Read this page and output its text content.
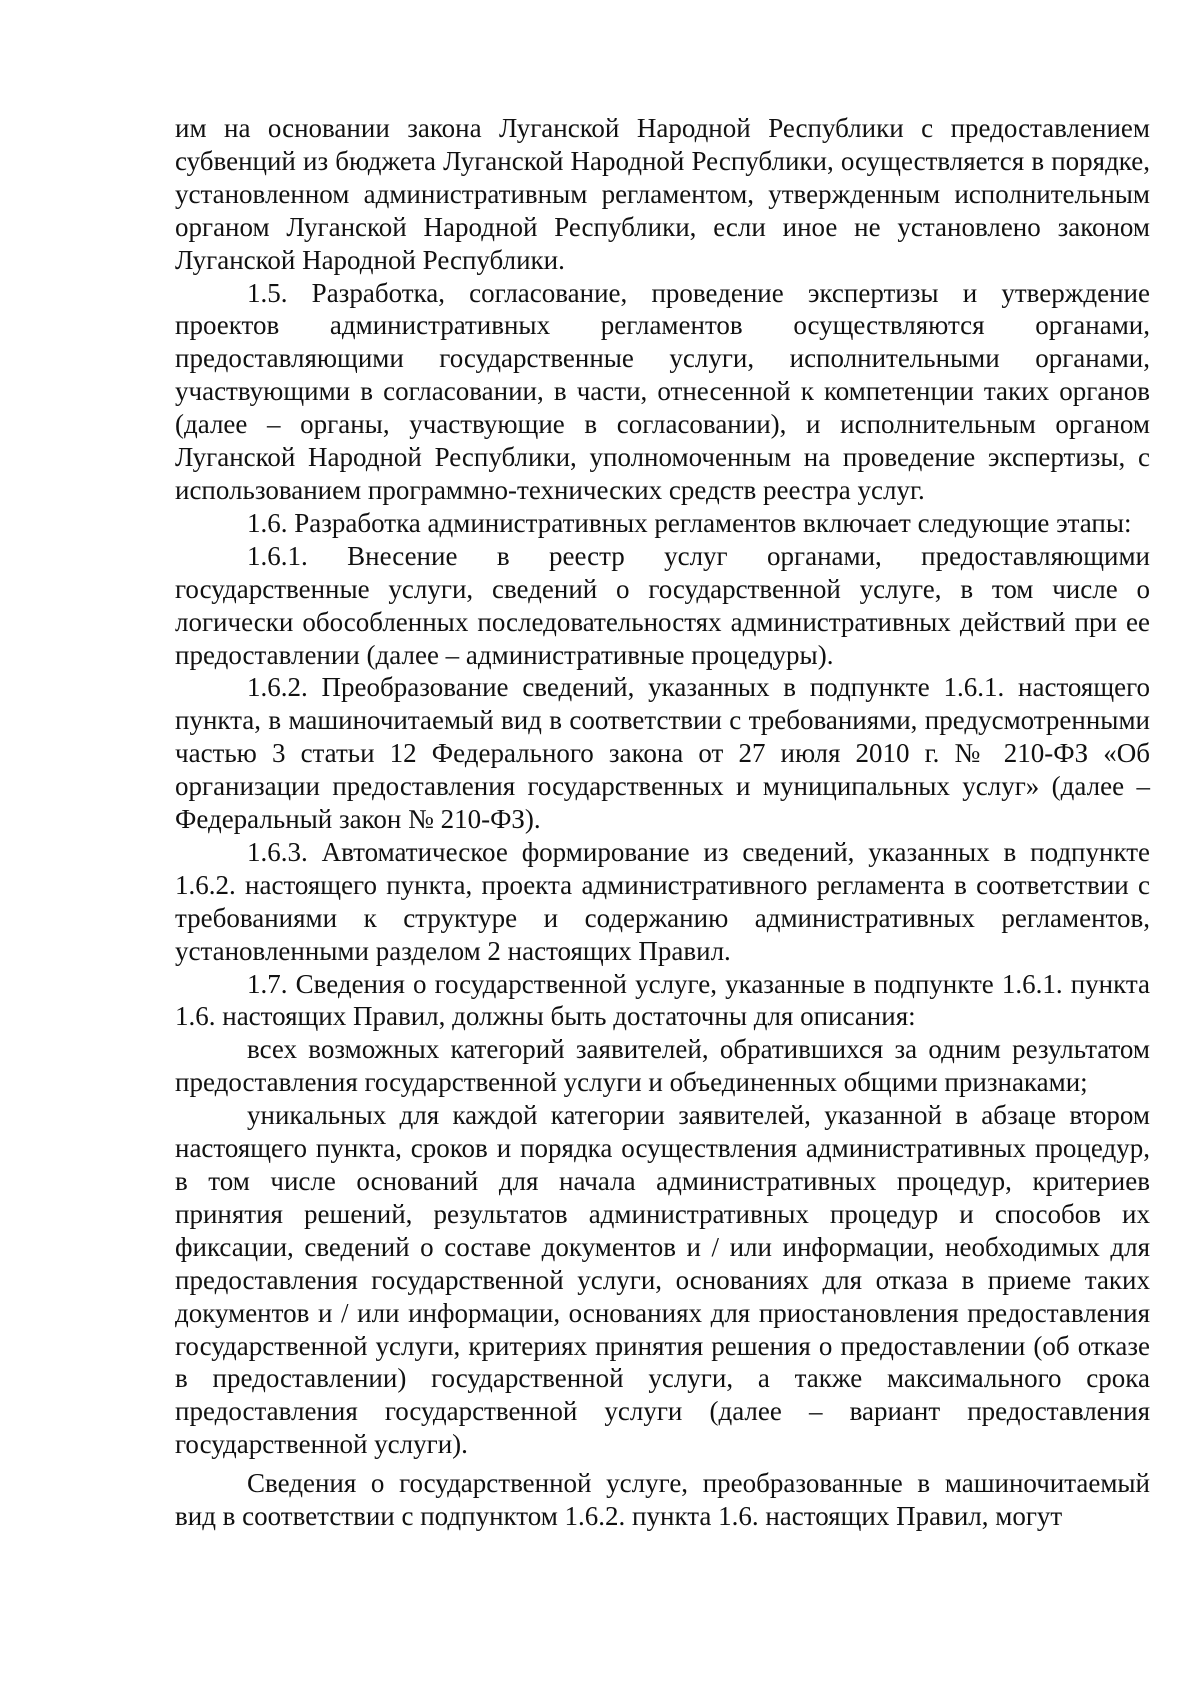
им на основании закона Луганской Народной Республики с предоставлением субвенций из бюджета Луганской Народной Республики, осуществляется в порядке, установленном административным регламентом, утвержденным исполнительным органом Луганской Народной Республики, если иное не установлено законом Луганской Народной Республики.

1.5. Разработка, согласование, проведение экспертизы и утверждение проектов административных регламентов осуществляются органами, предоставляющими государственные услуги, исполнительными органами, участвующими в согласовании, в части, отнесенной к компетенции таких органов (далее – органы, участвующие в согласовании), и исполнительным органом Луганской Народной Республики, уполномоченным на проведение экспертизы, с использованием программно-технических средств реестра услуг.

1.6. Разработка административных регламентов включает следующие этапы:

1.6.1. Внесение в реестр услуг органами, предоставляющими государственные услуги, сведений о государственной услуге, в том числе о логически обособленных последовательностях административных действий при ее предоставлении (далее – административные процедуры).

1.6.2. Преобразование сведений, указанных в подпункте 1.6.1. настоящего пункта, в машиночитаемый вид в соответствии с требованиями, предусмотренными частью 3 статьи 12 Федерального закона от 27 июля 2010 г. № 210-ФЗ «Об организации предоставления государственных и муниципальных услуг» (далее – Федеральный закон № 210-ФЗ).

1.6.3. Автоматическое формирование из сведений, указанных в подпункте 1.6.2. настоящего пункта, проекта административного регламента в соответствии с требованиями к структуре и содержанию административных регламентов, установленными разделом 2 настоящих Правил.

1.7. Сведения о государственной услуге, указанные в подпункте 1.6.1. пункта 1.6. настоящих Правил, должны быть достаточны для описания:

всех возможных категорий заявителей, обратившихся за одним результатом предоставления государственной услуги и объединенных общими признаками;

уникальных для каждой категории заявителей, указанной в абзаце втором настоящего пункта, сроков и порядка осуществления административных процедур, в том числе оснований для начала административных процедур, критериев принятия решений, результатов административных процедур и способов их фиксации, сведений о составе документов и / или информации, необходимых для предоставления государственной услуги, основаниях для отказа в приеме таких документов и / или информации, основаниях для приостановления предоставления государственной услуги, критериях принятия решения о предоставлении (об отказе в предоставлении) государственной услуги, а также максимального срока предоставления государственной услуги (далее – вариант предоставления государственной услуги).

Сведения о государственной услуге, преобразованные в машиночитаемый вид в соответствии с подпунктом 1.6.2. пункта 1.6. настоящих Правил, могут
